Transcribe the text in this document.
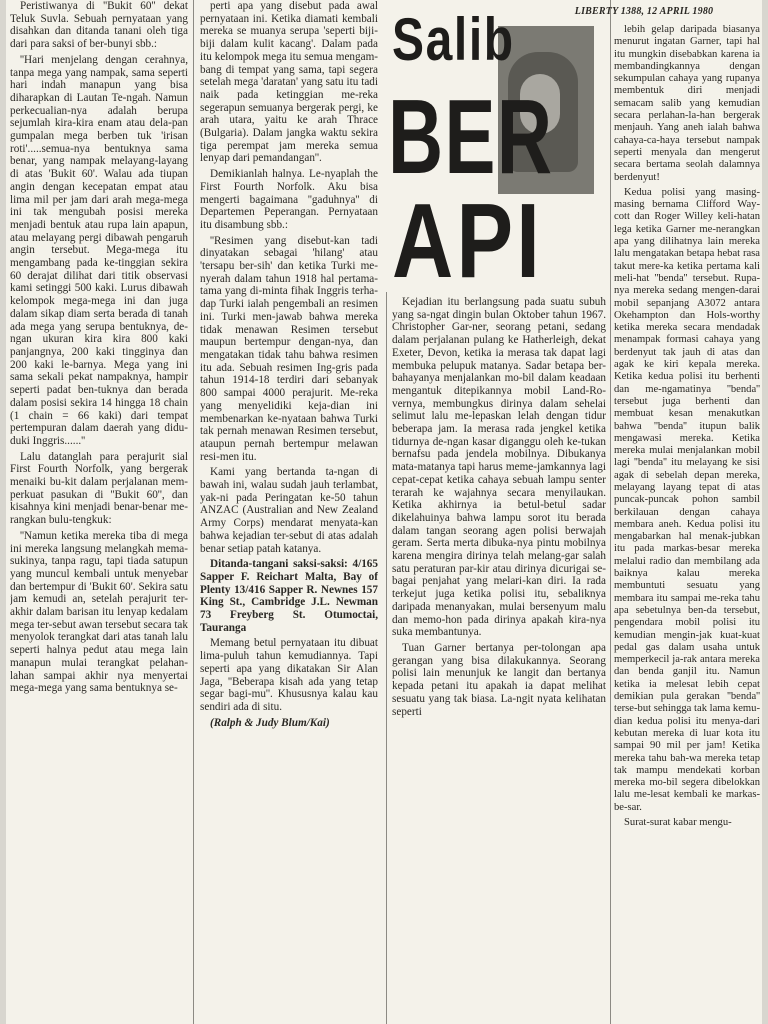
Peristiwanya di ''Bukit 60'' dekat Teluk Suvla. Sebuah pernyataan yang disahkan dan ditanda tanani oleh tiga dari para saksi of ber-bunyi sbb.:

''Hari menjelang dengan cerahnya, tanpa mega yang nampak, sama seperti hari indah manapun yang bisa diharapkan di Lautan Te-ngah. Namun perkecualian-nya adalah berupa sejumlah kira-kira enam atau dela-pan gumpalan mega berben tuk 'irisan roti'.....semua-nya bentuknya sama benar, yang nampak melayang-layang di atas 'Bukit 60'. Walau ada tiupan angin dengan kecepatan empat atau lima mil per jam dari arah mega-mega ini tak mengubah posisi mereka menjadi bentuk atau rupa lain apapun, atau melayang pergi dibawah pengaruh angin tersebut. Mega-mega itu mengambang pada ke-tinggian sekira 60 derajat dilihat dari titik observasi kami setinggi 500 kaki. Lurus dibawah kelompok mega-mega ini dan juga dalam sikap diam serta berada di tanah ada mega yang serupa bentuknya, de-ngan ukuran kira kira 800 kaki panjangnya, 200 kaki tingginya dan 200 kaki le-barnya. Mega yang ini sama sekali pekat nampaknya, hampir seperti padat ben-tuknya dan berada dalam posisi sekira 14 hingga 18 chain (1 chain = 66 kaki) dari tempat pertempuran dalam daerah yang didu-duki Inggris......''

Lalu datanglah para perajurit sial First Fourth Norfolk, yang bergerak menaiki bu-kit dalam perjalanan mem-perkuat pasukan di ''Bukit 60'', dan kisahnya kini menjadi benar-benar me-rangkan bulu-tengkuk:

''Namun ketika mereka tiba di mega ini mereka langsung melangkah mema-sukinya, tanpa ragu, tapi tiada satupun yang muncul kembali untuk menyebar dan bertempur di 'Bukit 60'. Sekira satu jam kemudi an, setelah perajurit ter-akhir dalam barisan itu lenyap kedalam mega ter-sebut awan tersebut secara tak menyolok terangkat dari atas tanah lalu seperti halnya pedut atau mega lain manapun mulai terangkat pelahan-lahan sampai akhir nya menyertai mega-mega yang sama bentuknya se-

perti apa yang disebut pada awal pernyataan ini. Ketika diamati kembali mereka se muanya serupa 'seperti biji-biji dalam kulit kacang'. Dalam pada itu kelompok mega itu semua mengam-bang di tempat yang sama, tapi segera setelah mega 'daratan' yang satu itu tadi naik pada ketinggian me-reka segerapun semuanya bergerak pergi, ke arah utara, yaitu ke arah Thrace (Bulgaria). Dalam jangka waktu sekira tiga perempat jam mereka semua lenyap dari pemandangan''.

Demikianlah halnya. Le-nyaplah the First Fourth Norfolk. Aku bisa mengerti bagaimana ''gaduhnya'' di Departemen Peperangan. Pernyataan itu disambung sbb.:

''Resimen yang disebut-kan tadi dinyatakan sebagai 'hilang' atau 'tersapu ber-sih' dan ketika Turki me-nyerah dalam tahun 1918 hal pertama-tama yang di-minta fihak Inggris terha-dap Turki ialah pengembali an resimen ini. Turki men-jawab bahwa mereka tidak menawan Resimen tersebut maupun bertempur dengan-nya, dan mengatakan tidak tahu bahwa resimen itu ada. Sebuah resimen Ing-gris pada tahun 1914-18 terdiri dari sebanyak 800 sampai 4000 perajurit. Me-reka yang menyelidiki keja-dian ini membenarkan ke-nyataan bahwa Turki tak pernah menawan Resimen tersebut, ataupun pernah bertempur melawan resi-men itu.

Kami yang bertanda ta-ngan di bawah ini, walau sudah jauh terlambat, yak-ni pada Peringatan ke-50 tahun ANZAC (Australian and New Zealand Army Corps) mendarat menyata-kan bahwa kejadian ter-sebut di atas adalah benar setiap patah katanya.

Ditanda-tangani saksi-saksi: 4/165 Sapper F. Reichart Malta, Bay of Plenty 13/416 Sapper R. Newnes 157 King St., Cambridge J.L. Newman 73 Freyberg St. Otumoctai, Tauranga

Memang betul pernyataan itu dibuat lima-puluh tahun kemudiannya. Tapi seperti apa yang dikatakan Sir Alan Jaga, ''Beberapa kisah ada yang tetap segar bagi-mu''. Khususnya kalau kau sendiri ada di situ.

(Ralph & Judy Blum/Kai)

Salib
BER
API
LIBERTY 1388, 12 APRIL 1980

Kejadian itu berlangsung pada suatu subuh yang sa-ngat dingin bulan Oktober tahun 1967. Christopher Gar-ner, seorang petani, sedang dalam perjalanan pulang ke Hatherleigh, dekat Exeter, Devon, ketika ia merasa tak dapat lagi membuka pelupuk matanya. Sadar betapa ber-bahayanya menjalankan mo-bil dalam keadaan mengantuk ditepikannya mobil Land-Ro-vernya, membungkus dirinya dalam sehelai selimut lalu me-lepaskan lelah dengan tidur beberapa jam. Ia merasa rada jengkel ketika tidurnya de-ngan kasar diganggu oleh ke-tukan bernafsu pada jendela mobilnya. Dibukanya mata-matanya tapi harus meme-jamkannya lagi cepat-cepat ketika cahaya sebuah lampu senter terarah ke wajahnya secara menyilaukan. Ketika akhirnya ia betul-betul sadar dikelahuinya bahwa lampu sorot itu berada dalam tangan seorang agen polisi berwajah geram. Serta merta dibuka-nya pintu mobilnya karena mengira dirinya telah melang-gar salah satu peraturan par-kir atau dirinya dicurigai se-bagai penjahat yang melari-kan diri. Ia rada terkejut juga ketika polisi itu, sebaliknya daripada menanyakan, mulai bersenyum malu dan memo-hon pada dirinya apakah kira-nya suka membantunya.

Tuan Garner bertanya per-tolongan apa gerangan yang bisa dilakukannya. Seorang polisi lain menunjuk ke langit dan bertanya kepada petani itu apakah ia dapat melihat sesuatu yang tak biasa. La-ngit nyata kelihatan seperti

lebih gelap daripada biasanya menurut ingatan Garner, tapi hal itu mungkin disebabkan karena ia membandingkannya dengan sekumpulan cahaya yang rupanya membentuk diri menjadi semacam salib yang kemudian secara perlahan-la-han bergerak menjauh. Yang aneh ialah bahwa cahaya-ca-haya tersebut nampak seperti menyala dan mengerut secara bertama seolah dalamnya berdenyut!

Kedua polisi yang masing-masing bernama Clifford Way-cott dan Roger Willey keli-hatan lega ketika Garner me-nerangkan apa yang dilihatnya lain mereka lalu mengatakan betapa hebat rasa takut mere-ka ketika pertama kali meli-hat ''benda'' tersebut. Rupa-nya mereka sedang mengen-darai mobil sepanjang A3072 antara Okehampton dan Hols-worthy ketika mereka secara mendadak menampak formasi cahaya yang berdenyut tak jauh di atas dan agak ke kiri kepala mereka. Ketika kedua polisi itu berhenti dan me-ngamatinya ''benda'' tersebut juga berhenti dan membuat kesan menakutkan bahwa ''benda'' itupun balik mengawasi mereka. Ketika mereka mulai menjalankan mobil lagi ''benda'' itu melayang ke sisi agak di sebelah depan mereka, melayang layang tepat di atas puncak-puncak pohon sambil berkilauan dengan cahaya membara aneh. Kedua polisi itu mengabarkan hal menak-jubkan itu pada markas-besar mereka melalui radio dan membilang ada baiknya kalau mereka membuntuti sesuatu yang membara itu sampai me-reka tahu apa sebetulnya ben-da tersebut, pengendara mobil polisi itu kemudian mengin-jak kuat-kuat pedal gas dalam usaha untuk memperkecil ja-rak antara mereka dan benda ganjil itu. Namun ketika ia melesat lebih cepat demikian pula gerakan ''benda'' terse-but sehingga tak lama kemu-dian kedua polisi itu menya-dari kebutan mereka di luar kota itu sampai 90 mil per jam! Ketika mereka tahu bah-wa mereka tetap tak mampu mendekati korban mereka mo-bil segera dibelokkan lalu me-lesat kembali ke markas-be-sar.

Surat-surat kabar mengu-
